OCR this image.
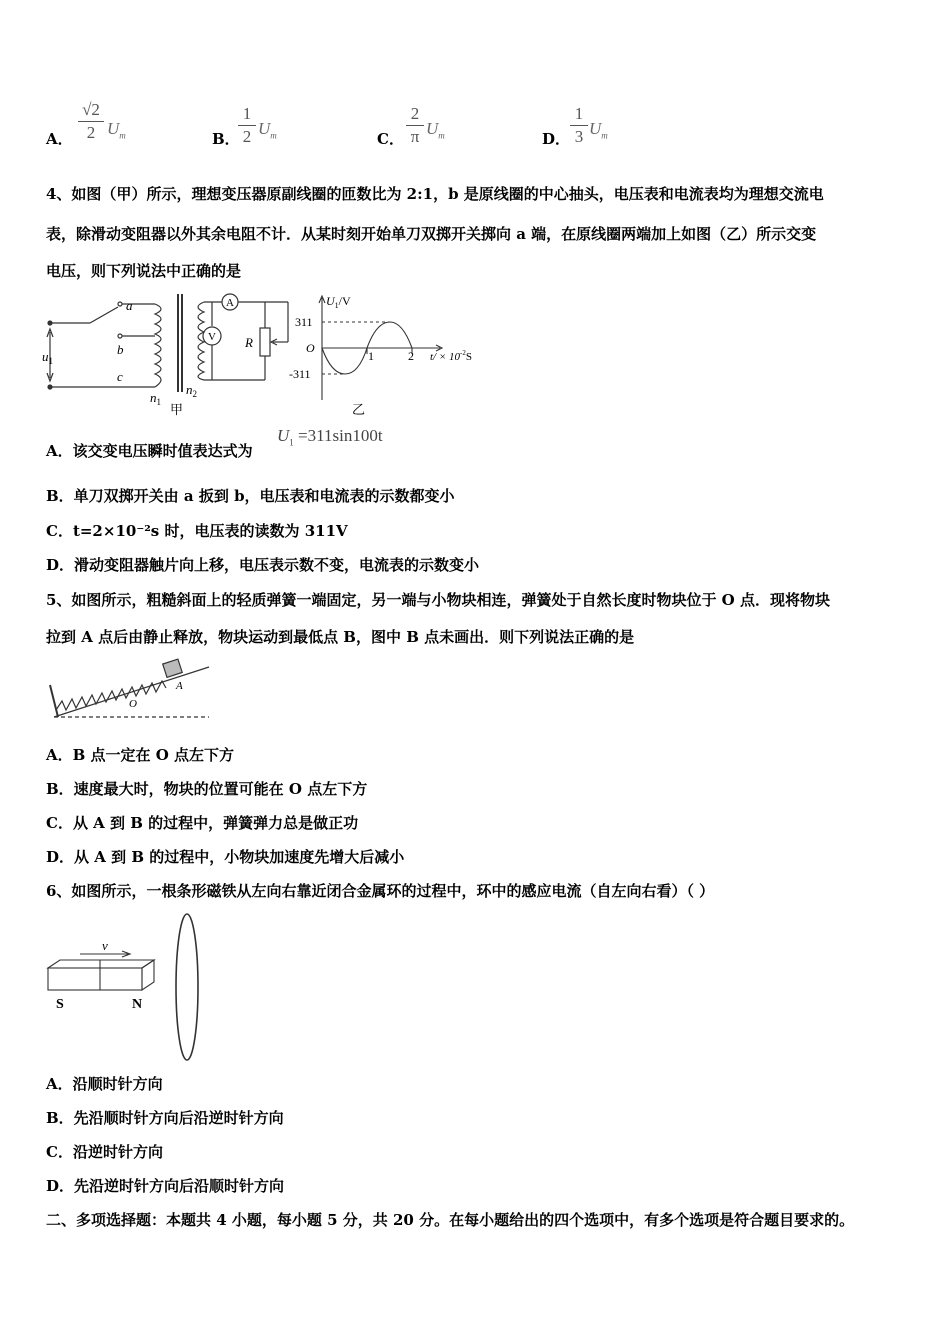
A．
√2
2 $U_m$	B．
1
2 $U_m$	C．
2
π $U_m$	D．
1
3 $U_m$
4、如图（甲）所示，理想变压器原副线圈的匝数比为 2:1，b 是原线圈的中心抽头，电压表和电流表均为理想交流电
表，除滑动变阻器以外其余电阻不计．从某时刻开始单刀双掷开关掷向 a 端，在原线圈两端加上如图（乙）所示交变
电压，则下列说法中正确的是
a
b
c
$u_1$
R
$n_1$
$n_2$
A
V
甲
$U_1/V$
311
-311
O
1	2 $t/ \times 10^{-2}S$
乙
A．该交变电压瞬时值表达式为
$U_1 =311\sin 100t$
B．单刀双掷开关由 a 扳到 b，电压表和电流表的示数都变小
C．t=2×10⁻²s 时，电压表的读数为 311V
D．滑动变阻器触片向上移，电压表示数不变，电流表的示数变小
5、如图所示，粗糙斜面上的轻质弹簧一端固定，另一端与小物块相连，弹簧处于自然长度时物块位于 O 点．现将物块
拉到 A 点后由静止释放，物块运动到最低点 B，图中 B 点未画出．则下列说法正确的是
O
A
A．B 点一定在 O 点左下方
B．速度最大时，物块的位置可能在 O 点左下方
C．从 A 到 B 的过程中，弹簧弹力总是做正功
D．从 A 到 B 的过程中，小物块加速度先增大后减小
6、如图所示，一根条形磁铁从左向右靠近闭合金属环的过程中，环中的感应电流（自左向右看）（ ）
v
S	N
A．沿顺时针方向
B．先沿顺时针方向后沿逆时针方向
C．沿逆时针方向
D．先沿逆时针方向后沿顺时针方向
二、多项选择题：本题共 4 小题，每小题 5 分，共 20 分。在每小题给出的四个选项中，有多个选项是符合题目要求的。
